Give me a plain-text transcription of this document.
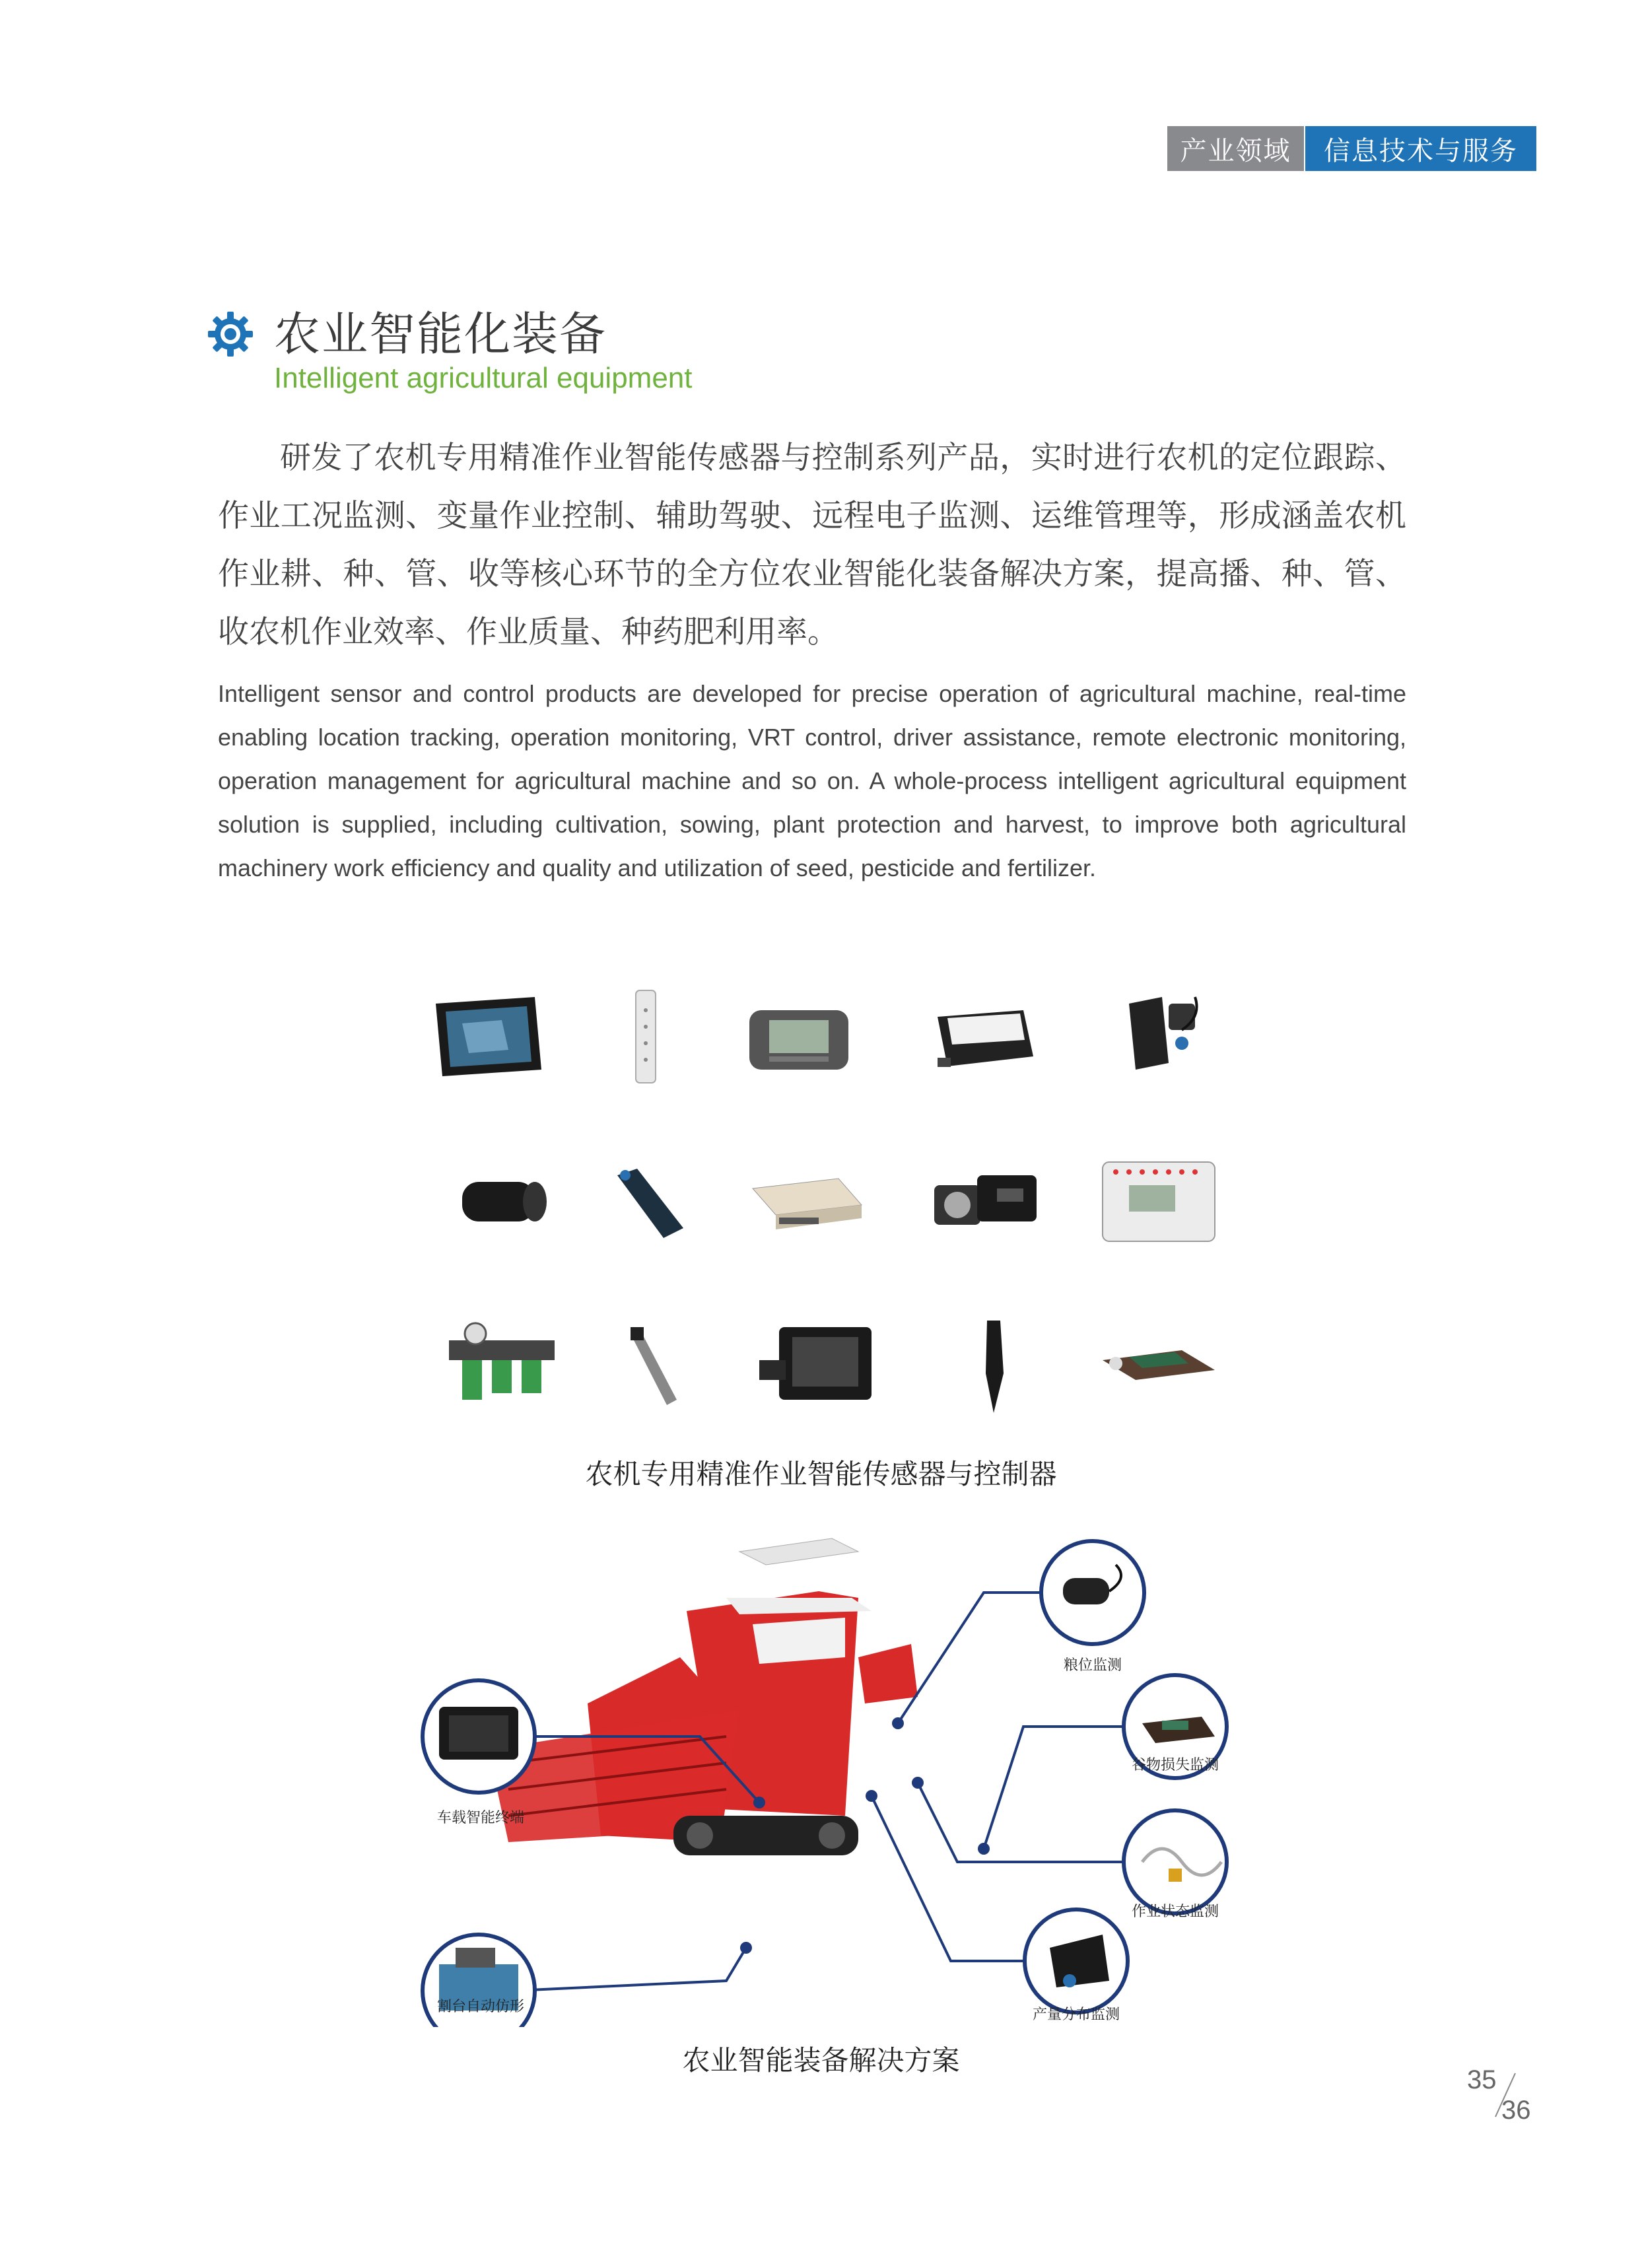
产业领域	信息技术与服务
农业智能化装备
Intelligent agricultural equipment
研发了农机专用精准作业智能传感器与控制系列产品，实时进行农机的定位跟踪、作业工况监测、变量作业控制、辅助驾驶、远程电子监测、运维管理等，形成涵盖农机作业耕、种、管、收等核心环节的全方位农业智能化装备解决方案，提高播、种、管、收农机作业效率、作业质量、种药肥利用率。
Intelligent sensor and control products are developed for precise operation of agricultural machine, real-time enabling location tracking, operation monitoring, VRT control, driver assistance, remote electronic monitoring, operation management for agricultural machine and so on. A whole-process intelligent agricultural equipment solution is supplied, including cultivation, sowing, plant protection and harvest, to improve both agricultural machinery work efficiency and quality and utilization of seed, pesticide and fertilizer.
农机专用精准作业智能传感器与控制器
车载智能终端
割台自动仿形
粮位监测
谷物损失监测
作业状态监测
产量分布监测
农业智能装备解决方案
35
36
